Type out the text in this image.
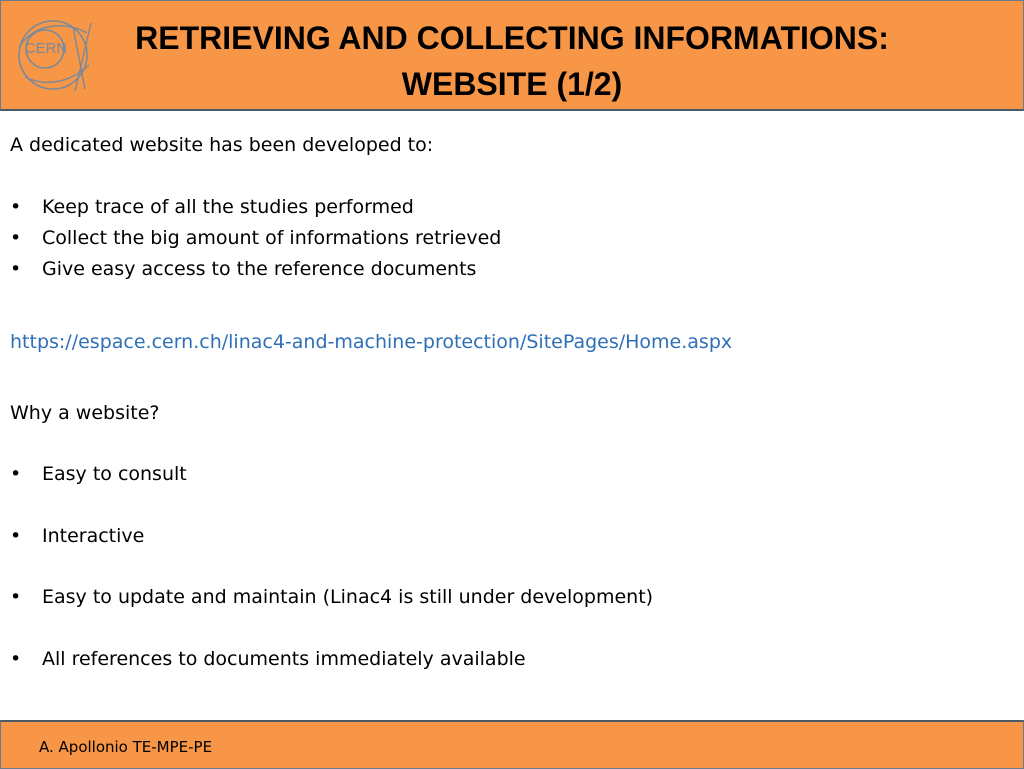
CERN	RETRIEVING AND COLLECTING INFORMATIONS:
WEBSITE (1/2)
A dedicated website has been developed to:
• Keep trace of all the studies performed
• Collect the big amount of informations retrieved
• Give easy access to the reference documents
https://espace.cern.ch/linac4-and-machine-protection/SitePages/Home.aspx
Why a website?
• Easy to consult
• Interactive
• Easy to update and maintain (Linac4 is still under development)
• All references to documents immediately available
A. Apollonio TE-MPE-PE
